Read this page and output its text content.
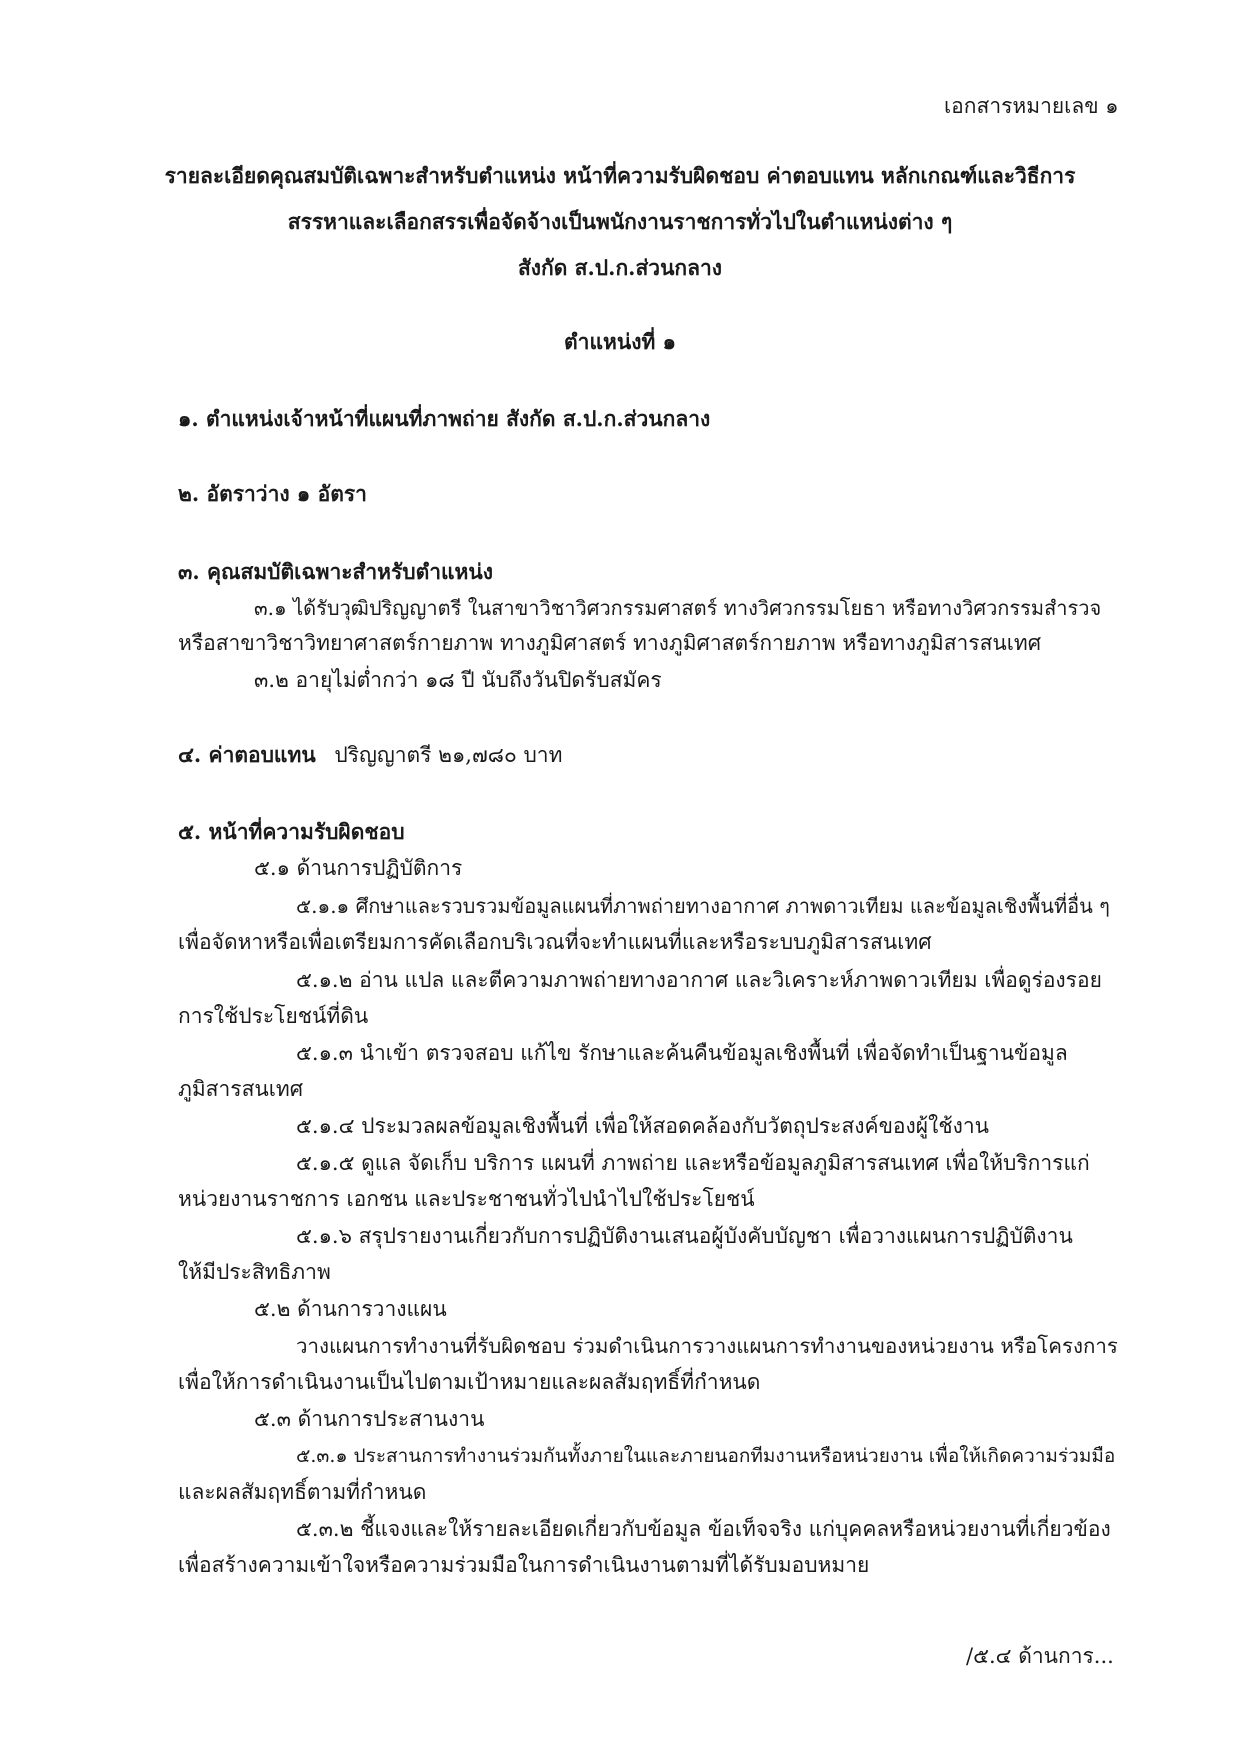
เอกสารหมายเลข ๑
รายละเอียดคุณสมบัติเฉพาะสำหรับตำแหน่ง หน้าที่ความรับผิดชอบ ค่าตอบแทน หลักเกณฑ์และวิธีการ
สรรหาและเลือกสรรเพื่อจัดจ้างเป็นพนักงานราชการทั่วไปในตำแหน่งต่าง ๆ
สังกัด ส.ป.ก.ส่วนกลาง
ตำแหน่งที่ ๑
๑. ตำแหน่งเจ้าหน้าที่แผนที่ภาพถ่าย สังกัด ส.ป.ก.ส่วนกลาง
๒. อัตราว่าง ๑ อัตรา
๓. คุณสมบัติเฉพาะสำหรับตำแหน่ง
๓.๑ ได้รับวุฒิปริญญาตรี ในสาขาวิชาวิศวกรรมศาสตร์ ทางวิศวกรรมโยธา หรือทางวิศวกรรมสำรวจ
หรือสาขาวิชาวิทยาศาสตร์กายภาพ ทางภูมิศาสตร์ ทางภูมิศาสตร์กายภาพ หรือทางภูมิสารสนเทศ
๓.๒ อายุไม่ต่ำกว่า ๑๘ ปี นับถึงวันปิดรับสมัคร
๔. ค่าตอบแทน ปริญญาตรี ๒๑,๗๘๐ บาท
๕. หน้าที่ความรับผิดชอบ
๕.๑ ด้านการปฏิบัติการ
๕.๑.๑ ศึกษาและรวบรวมข้อมูลแผนที่ภาพถ่ายทางอากาศ ภาพดาวเทียม และข้อมูลเชิงพื้นที่อื่น ๆ
เพื่อจัดหาหรือเพื่อเตรียมการคัดเลือกบริเวณที่จะทำแผนที่และหรือระบบภูมิสารสนเทศ
๕.๑.๒ อ่าน แปล และตีความภาพถ่ายทางอากาศ และวิเคราะห์ภาพดาวเทียม เพื่อดูร่องรอย
การใช้ประโยชน์ที่ดิน
๕.๑.๓ นำเข้า ตรวจสอบ แก้ไข รักษาและค้นคืนข้อมูลเชิงพื้นที่ เพื่อจัดทำเป็นฐานข้อมูล
ภูมิสารสนเทศ
๕.๑.๔ ประมวลผลข้อมูลเชิงพื้นที่ เพื่อให้สอดคล้องกับวัตถุประสงค์ของผู้ใช้งาน
๕.๑.๕ ดูแล จัดเก็บ บริการ แผนที่ ภาพถ่าย และหรือข้อมูลภูมิสารสนเทศ เพื่อให้บริการแก่
หน่วยงานราชการ เอกชน และประชาชนทั่วไปนำไปใช้ประโยชน์
๕.๑.๖ สรุปรายงานเกี่ยวกับการปฏิบัติงานเสนอผู้บังคับบัญชา เพื่อวางแผนการปฏิบัติงาน
ให้มีประสิทธิภาพ
๕.๒ ด้านการวางแผน
วางแผนการทำงานที่รับผิดชอบ ร่วมดำเนินการวางแผนการทำงานของหน่วยงาน หรือโครงการ
เพื่อให้การดำเนินงานเป็นไปตามเป้าหมายและผลสัมฤทธิ์ที่กำหนด
๕.๓ ด้านการประสานงาน
๕.๓.๑ ประสานการทำงานร่วมกันทั้งภายในและภายนอกทีมงานหรือหน่วยงาน เพื่อให้เกิดความร่วมมือ
และผลสัมฤทธิ์ตามที่กำหนด
๕.๓.๒ ชี้แจงและให้รายละเอียดเกี่ยวกับข้อมูล ข้อเท็จจริง แก่บุคคลหรือหน่วยงานที่เกี่ยวข้อง
เพื่อสร้างความเข้าใจหรือความร่วมมือในการดำเนินงานตามที่ได้รับมอบหมาย
/๕.๔ ด้านการ...
